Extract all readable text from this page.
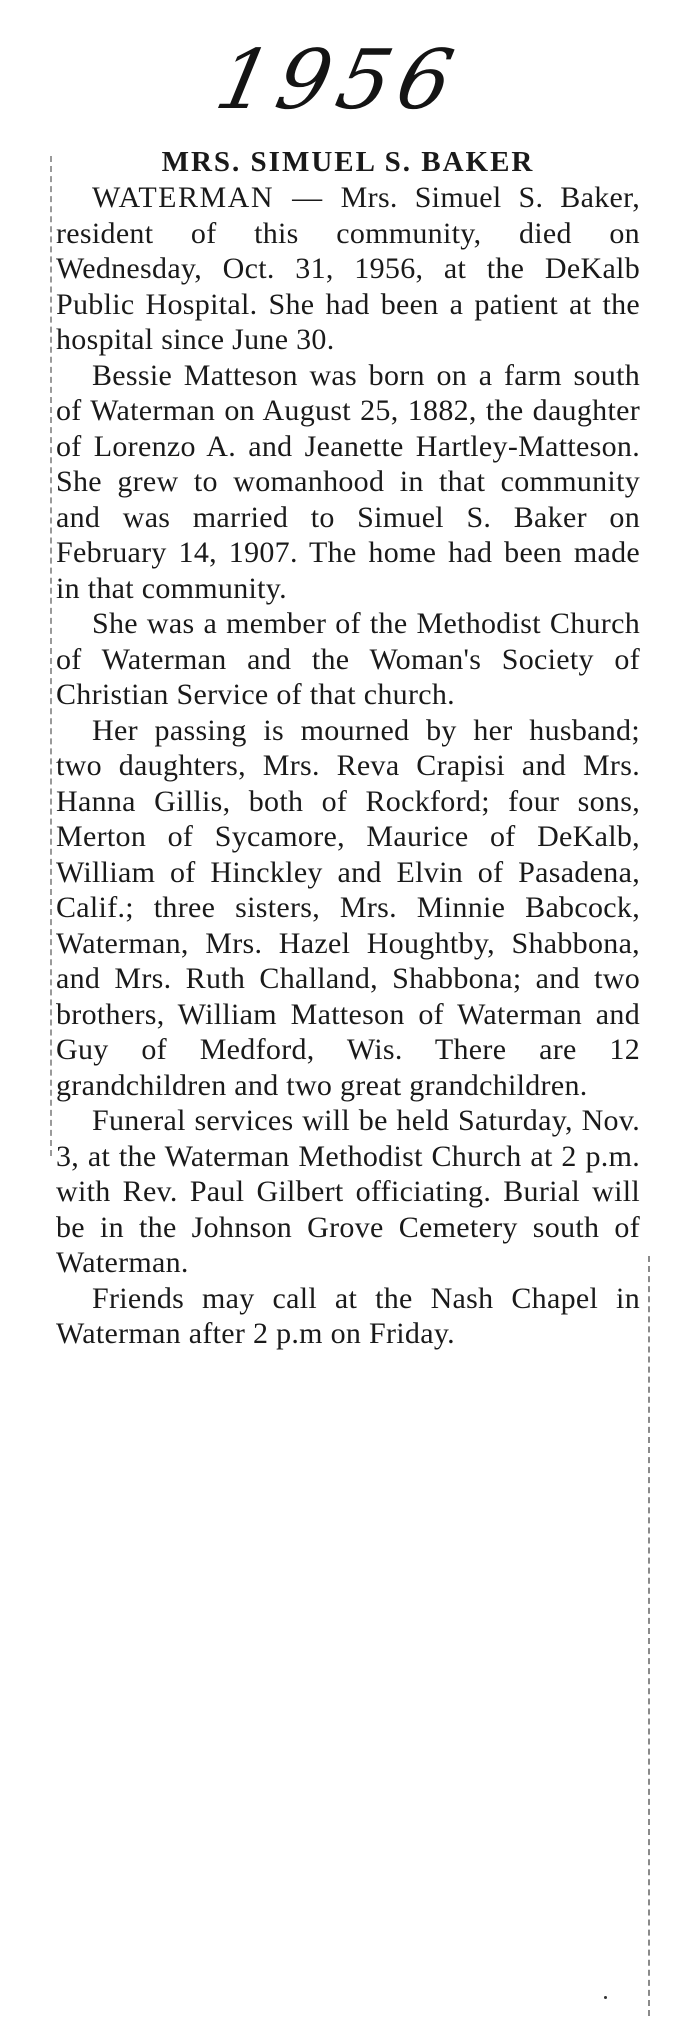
1956
MRS. SIMUEL S. BAKER

WATERMAN — Mrs. Simuel S. Baker, resident of this community, died on Wednesday, Oct. 31, 1956, at the DeKalb Public Hospital. She had been a patient at the hospital since June 30.

Bessie Matteson was born on a farm south of Waterman on August 25, 1882, the daughter of Lorenzo A. and Jeanette Hartley-Matteson. She grew to womanhood in that community and was married to Simuel S. Baker on February 14, 1907. The home had been made in that community.

She was a member of the Methodist Church of Waterman and the Woman's Society of Christian Service of that church.

Her passing is mourned by her husband; two daughters, Mrs. Reva Crapisi and Mrs. Hanna Gillis, both of Rockford; four sons, Merton of Sycamore, Maurice of DeKalb, William of Hinckley and Elvin of Pasadena, Calif.; three sisters, Mrs. Minnie Babcock, Waterman, Mrs. Hazel Houghtby, Shabbona, and Mrs. Ruth Challand, Shabbona; and two brothers, William Matteson of Waterman and Guy of Medford, Wis. There are 12 grandchildren and two great grandchildren.

Funeral services will be held Saturday, Nov. 3, at the Waterman Methodist Church at 2 p.m. with Rev. Paul Gilbert officiating. Burial will be in the Johnson Grove Cemetery south of Waterman.

Friends may call at the Nash Chapel in Waterman after 2 p.m on Friday.
